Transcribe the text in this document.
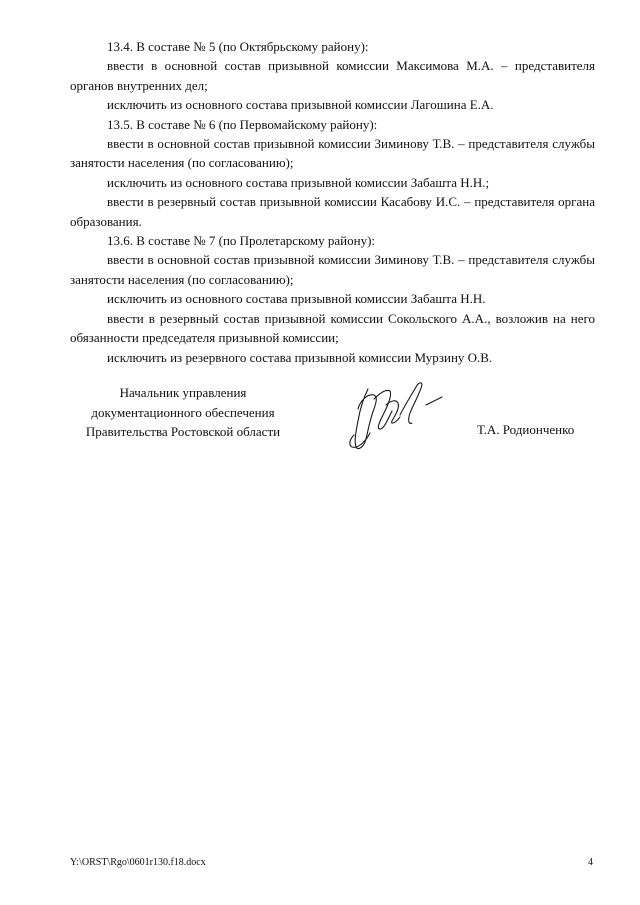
13.4. В составе № 5 (по Октябрьскому району):

ввести в основной состав призывной комиссии Максимова М.А. – представителя органов внутренних дел;

исключить из основного состава призывной комиссии Лагошина Е.А.

13.5. В составе № 6 (по Первомайскому району):

ввести в основной состав призывной комиссии Зиминову Т.В. – представителя службы занятости населения (по согласованию);

исключить из основного состава призывной комиссии Забашта Н.Н.;

ввести в резервный состав призывной комиссии Касабову И.С. – представителя органа образования.

13.6. В составе № 7 (по Пролетарскому району):

ввести в основной состав призывной комиссии Зиминову Т.В. – представителя службы занятости населения (по согласованию);

исключить из основного состава призывной комиссии Забашта Н.Н.

ввести в резервный состав призывной комиссии Сокольского А.А., возложив на него обязанности председателя призывной комиссии;

исключить из резервного состава призывной комиссии Мурзину О.В.

Начальник управления
документационного обеспечения
Правительства Ростовской области	Т.А. Родионченко
Y:\ORST\Rgo\0601r130.f18.docx	4
